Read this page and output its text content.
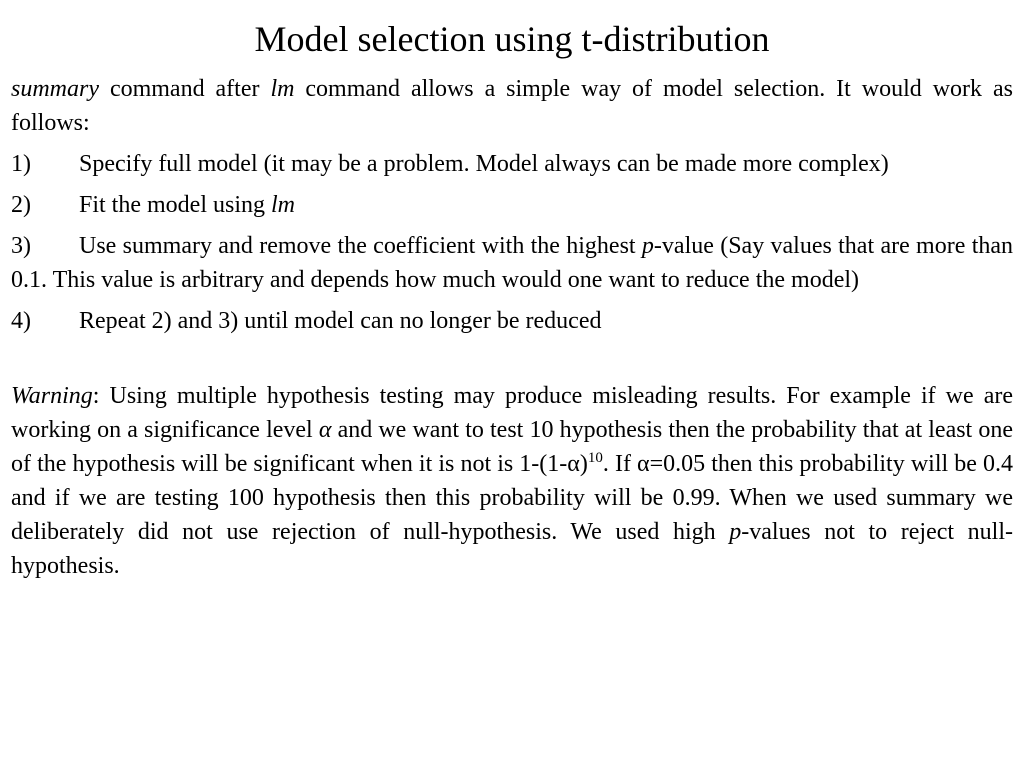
Model selection using t-distribution

summary command after lm command allows a simple way of model selection. It would work as follows:

1) Specify full model (it may be a problem. Model always can be made more complex)

2) Fit the model using lm

3) Use summary and remove the coefficient with the highest p-value (Say values that are more than 0.1. This value is arbitrary and depends how much would one want to reduce the model)

4) Repeat 2) and 3) until model can no longer be reduced

Warning: Using multiple hypothesis testing may produce misleading results. For example if we are working on a significance level α and we want to test 10 hypothesis then the probability that at least one of the hypothesis will be significant when it is not is $1-(1-\alpha)^{10}$. If α=0.05 then this probability will be 0.4 and if we are testing 100 hypothesis then this probability will be 0.99. When we used summary we deliberately did not use rejection of null-hypothesis. We used high p-values not to reject null-hypothesis.
